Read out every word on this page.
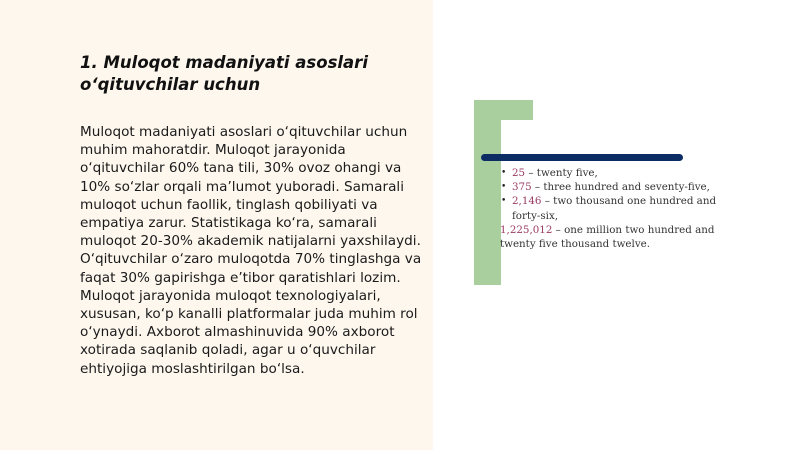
1. Muloqot madaniyati asoslari o‘qituvchilar uchun

Muloqot madaniyati asoslari o‘qituvchilar uchun muhim mahoratdir. Muloqot jarayonida o‘qituvchilar 60% tana tili, 30% ovoz ohangi va 10% so‘zlar orqali ma’lumot yuboradi. Samarali muloqot uchun faollik, tinglash qobiliyati va empatiya zarur. Statistikaga ko‘ra, samarali muloqot 20-30% akademik natijalarni yaxshilaydi. O‘qituvchilar o‘zaro muloqotda 70% tinglashga va faqat 30% gapirishga e’tibor qaratishlari lozim. Muloqot jarayonida muloqot texnologiyalari, xususan, ko‘p kanalli platformalar juda muhim rol o‘ynaydi. Axborot almashinuvida 90% axborot xotirada saqlanib qoladi, agar u o‘quvchilar ehtiyojiga moslashtirilgan bo‘lsa.

• 25 – twenty five,
• 375 – three hundred and seventy-five,
• 2,146 – two thousand one hundred and forty-six,
1,225,012 – one million two hundred and twenty five thousand twelve.
